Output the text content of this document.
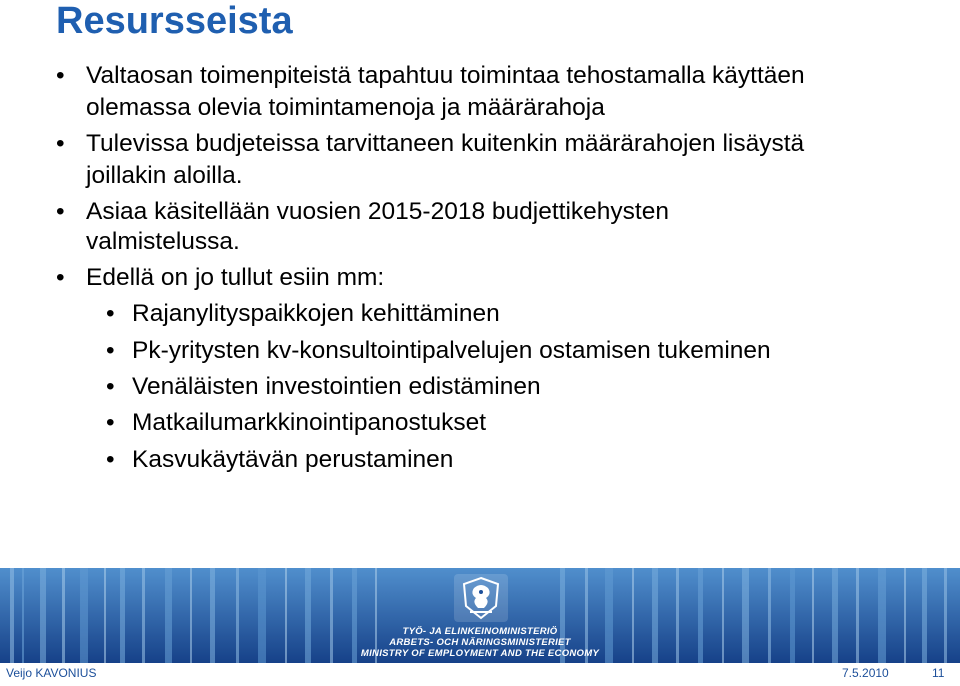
Resursseista
• Valtaosan toimenpiteistä tapahtuu toimintaa tehostamalla käyttäen
olemassa olevia toimintamenoja ja määrärahoja
• Tulevissa budjeteissa tarvittaneen kuitenkin määrärahojen lisäystä
joillakin aloilla.
• Asiaa käsitellään vuosien 2015-2018 budjettikehysten
valmistelussa.
• Edellä on jo tullut esiin mm:
• Rajanylityspaikkojen kehittäminen
• Pk-yritysten kv-konsultointipalvelujen ostamisen tukeminen
• Venäläisten investointien edistäminen
• Matkailumarkkinointipanostukset
• Kasvukäytävän perustaminen
TYÖ- JA ELINKEINOMINISTERIÖ
ARBETS- OCH NÄRINGSMINISTERIET
MINISTRY OF EMPLOYMENT AND THE ECONOMY
Veijo KAVONIUS	7.5.2010	11
